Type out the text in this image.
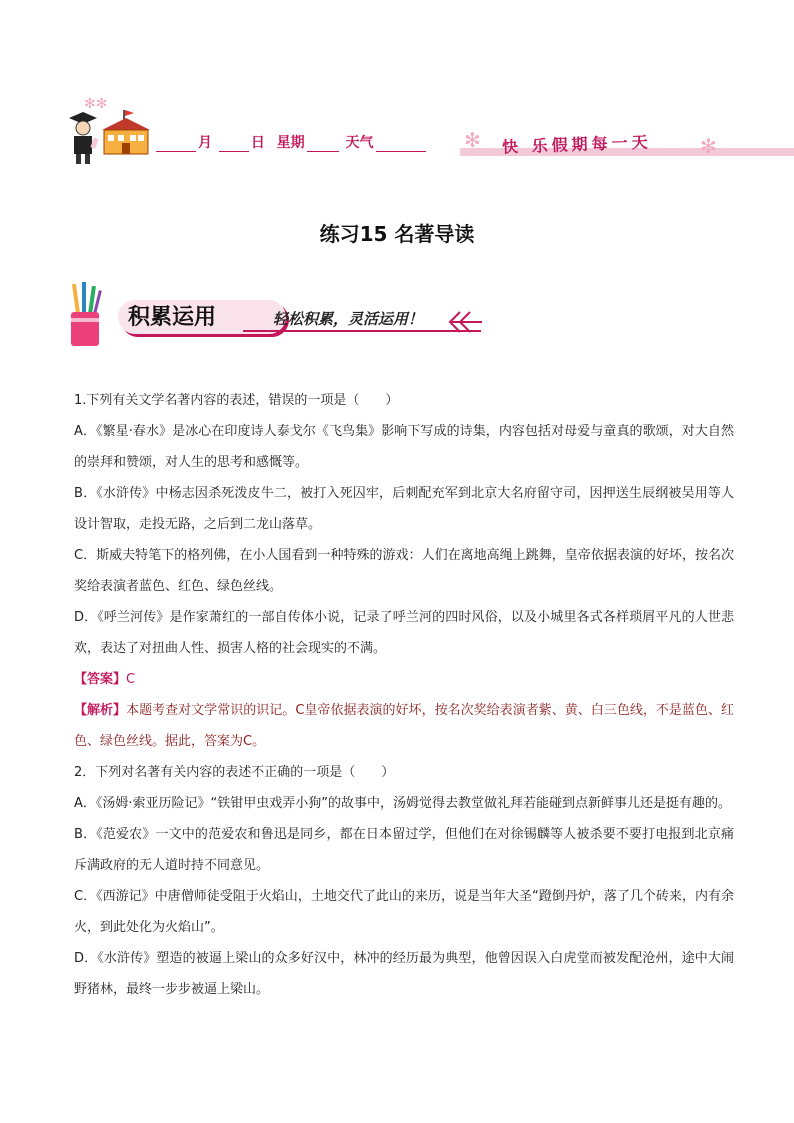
✻✻
月	日 星期	天气	✻ 快 乐假期每一天 ✻
练习15 名著导读
积累运用	轻松积累，灵活运用！

1.下列有关文学名著内容的表述，错误的一项是（　　）

A．《繁星·春水》是冰心在印度诗人泰戈尔《飞鸟集》影响下写成的诗集，内容包括对母爱与童真的歌颂，对大自然的崇拜和赞颂，对人生的思考和感慨等。

B．《水浒传》中杨志因杀死泼皮牛二，被打入死囚牢，后刺配充军到北京大名府留守司，因押送生辰纲被吴用等人设计智取，走投无路，之后到二龙山落草。

C．斯威夫特笔下的格列佛，在小人国看到一种特殊的游戏：人们在离地高绳上跳舞，皇帝依据表演的好坏，按名次奖给表演者蓝色、红色、绿色丝线。

D．《呼兰河传》是作家萧红的一部自传体小说，记录了呼兰河的四时风俗，以及小城里各式各样琐屑平凡的人世悲欢，表达了对扭曲人性、损害人格的社会现实的不满。

【答案】C

【解析】本题考查对文学常识的识记。C皇帝依据表演的好坏，按名次奖给表演者紫、黄、白三色线，不是蓝色、红色、绿色丝线。据此，答案为C。

2．下列对名著有关内容的表述不正确的一项是（　　）

A．《汤姆·索亚历险记》“铁钳甲虫戏弄小狗”的故事中，汤姆觉得去教堂做礼拜若能碰到点新鲜事儿还是挺有趣的。

B．《范爱农》一文中的范爱农和鲁迅是同乡，都在日本留过学，但他们在对徐锡麟等人被杀要不要打电报到北京痛斥满政府的无人道时持不同意见。

C．《西游记》中唐僧师徒受阻于火焰山，土地交代了此山的来历，说是当年大圣“蹬倒丹炉，落了几个砖来，内有余火，到此处化为火焰山”。

D．《水浒传》塑造的被逼上梁山的众多好汉中，林冲的经历最为典型，他曾因误入白虎堂而被发配沧州，途中大闹野猪林，最终一步步被逼上梁山。
